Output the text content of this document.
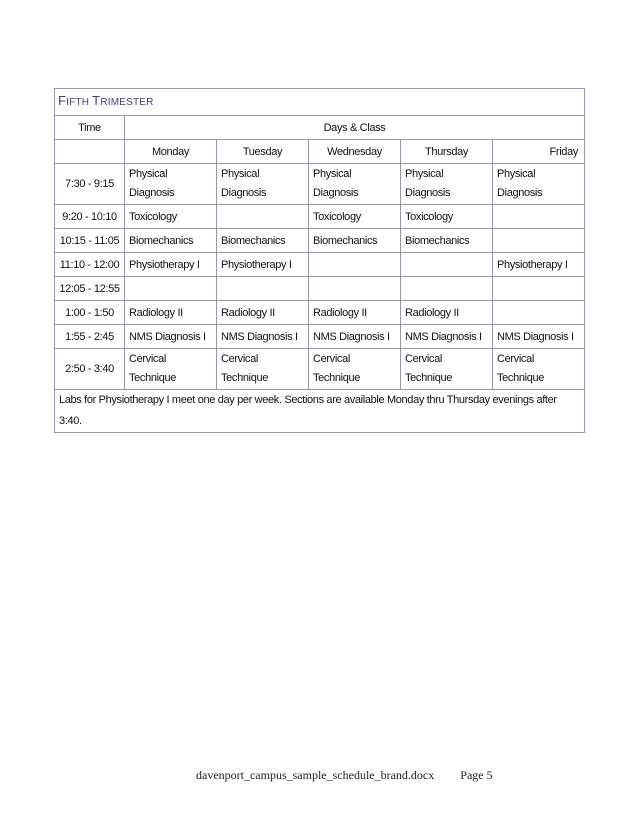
FIFTH TRIMESTER					
Time	Days & Class				
	Monday	Tuesday	Wednesday	Thursday	Friday
7:30 - 9:15	Physical Diagnosis	Physical Diagnosis	Physical Diagnosis	Physical Diagnosis	Physical Diagnosis
9:20 - 10:10	Toxicology		Toxicology	Toxicology	
10:15 - 11:05	Biomechanics	Biomechanics	Biomechanics	Biomechanics	
11:10 - 12:00	Physiotherapy I	Physiotherapy I			Physiotherapy I
12:05 - 12:55					
1:00 - 1:50	Radiology II	Radiology II	Radiology II	Radiology II	
1:55 - 2:45	NMS Diagnosis I	NMS Diagnosis I	NMS Diagnosis I	NMS Diagnosis I	NMS Diagnosis I
2:50 - 3:40	Cervical Technique	Cervical Technique	Cervical Technique	Cervical Technique	Cervical Technique
Labs for Physiotherapy I meet one day per week. Sections are available Monday thru Thursday evenings after 3:40.					
davenport_campus_sample_schedule_brand.docx Page 5
